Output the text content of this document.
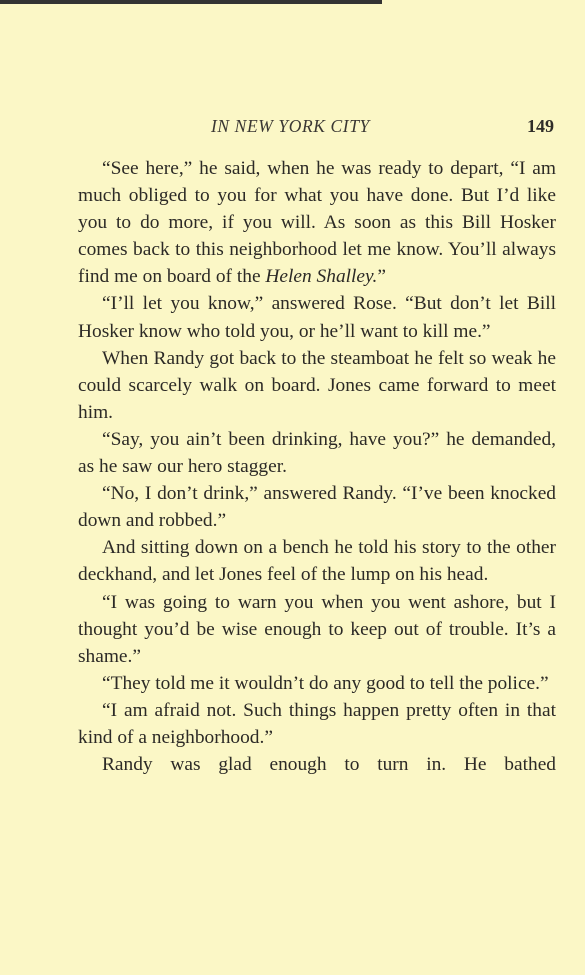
IN NEW YORK CITY	149

“See here,” he said, when he was ready to depart, “I am much obliged to you for what you have done. But I’d like you to do more, if you will. As soon as this Bill Hosker comes back to this neighborhood let me know. You’ll always find me on board of the Helen Shalley.”

“I’ll let you know,” answered Rose. “But don’t let Bill Hosker know who told you, or he’ll want to kill me.”

When Randy got back to the steamboat he felt so weak he could scarcely walk on board. Jones came forward to meet him.

“Say, you ain’t been drinking, have you?” he demanded, as he saw our hero stagger.

“No, I don’t drink,” answered Randy. “I’ve been knocked down and robbed.”

And sitting down on a bench he told his story to the other deckhand, and let Jones feel of the lump on his head.

“I was going to warn you when you went ashore, but I thought you’d be wise enough to keep out of trouble. It’s a shame.”

“They told me it wouldn’t do any good to tell the police.”

“I am afraid not. Such things happen pretty often in that kind of a neighborhood.”

Randy was glad enough to turn in. He bathed
